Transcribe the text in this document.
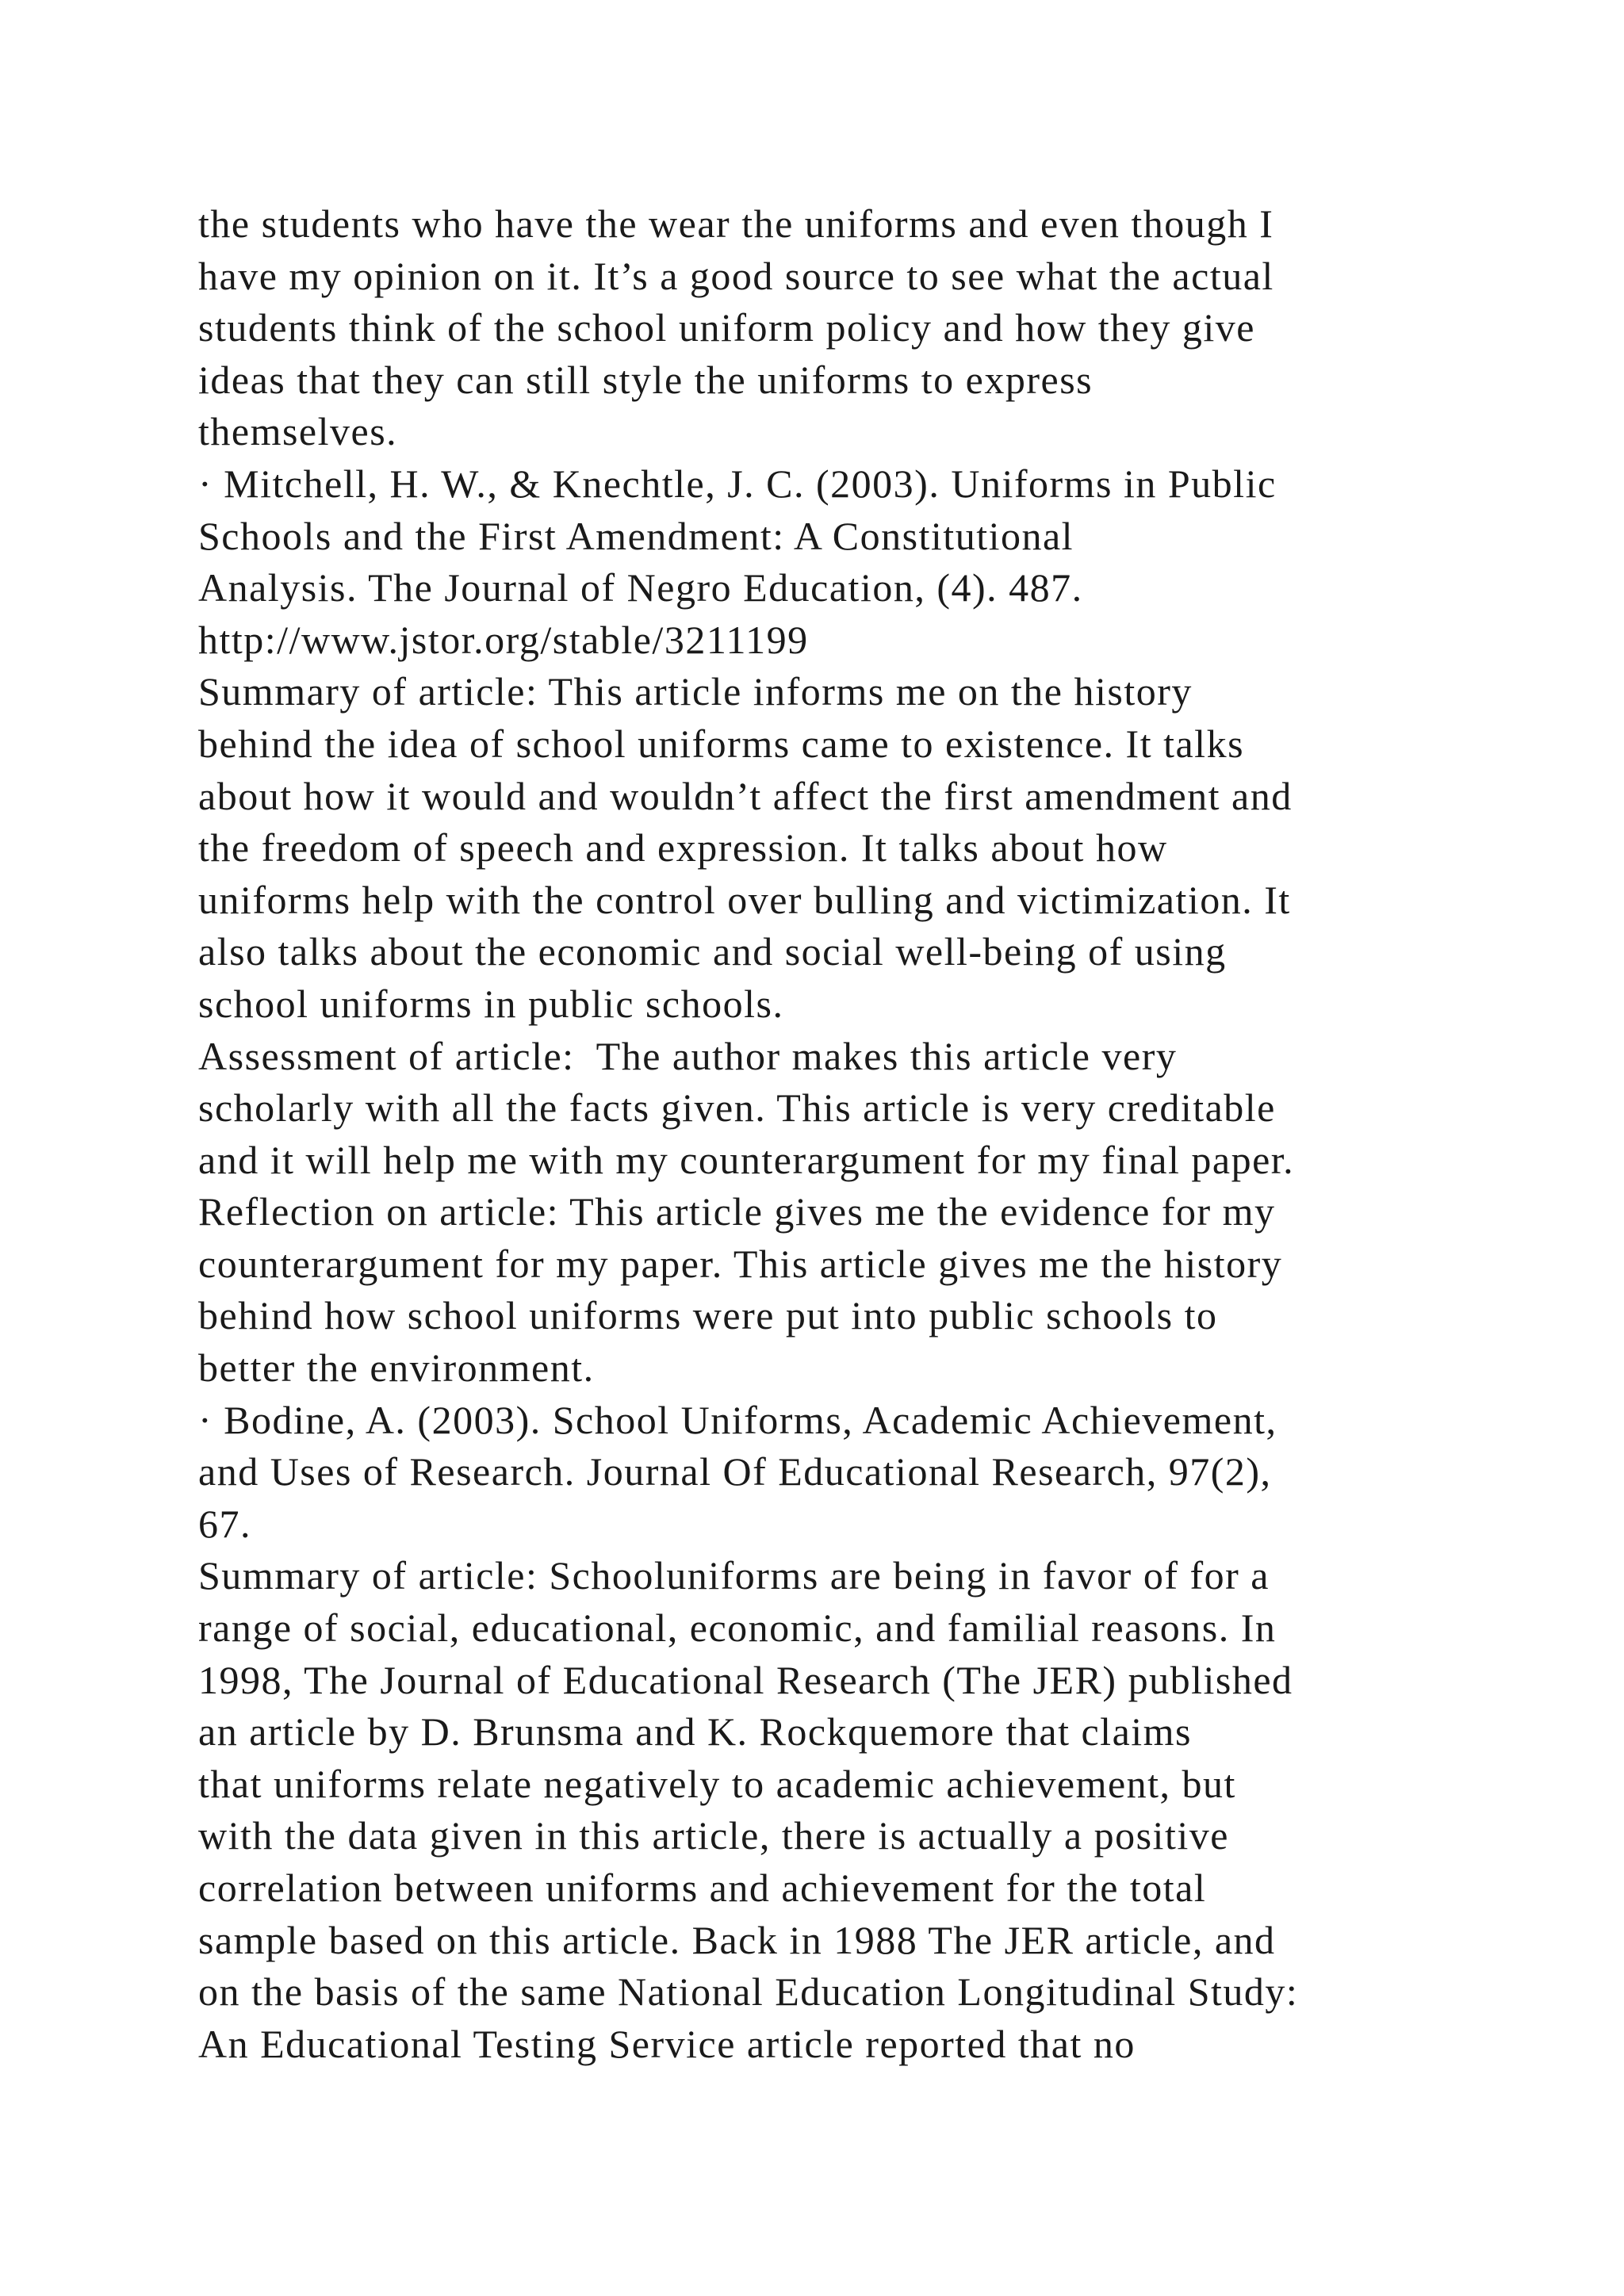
the students who have the wear the uniforms and even though I
have my opinion on it. It’s a good source to see what the actual
students think of the school uniform policy and how they give
ideas that they can still style the uniforms to express
themselves.
· Mitchell, H. W., & Knechtle, J. C. (2003). Uniforms in Public
Schools and the First Amendment: A Constitutional
Analysis. The Journal of Negro Education, (4). 487.
http://www.jstor.org/stable/3211199
Summary of article: This article informs me on the history
behind the idea of school uniforms came to existence. It talks
about how it would and wouldn’t affect the first amendment and
the freedom of speech and expression. It talks about how
uniforms help with the control over bulling and victimization. It
also talks about the economic and social well-being of using
school uniforms in public schools.
Assessment of article:  The author makes this article very
scholarly with all the facts given. This article is very creditable
and it will help me with my counterargument for my final paper.
Reflection on article: This article gives me the evidence for my
counterargument for my paper. This article gives me the history
behind how school uniforms were put into public schools to
better the environment.
· Bodine, A. (2003). School Uniforms, Academic Achievement,
and Uses of Research. Journal Of Educational Research, 97(2),
67.
Summary of article: Schooluniforms are being in favor of for a
range of social, educational, economic, and familial reasons. In
1998, The Journal of Educational Research (The JER) published
an article by D. Brunsma and K. Rockquemore that claims
that uniforms relate negatively to academic achievement, but
with the data given in this article, there is actually a positive
correlation between uniforms and achievement for the total
sample based on this article. Back in 1988 The JER article, and
on the basis of the same National Education Longitudinal Study:
An Educational Testing Service article reported that no
